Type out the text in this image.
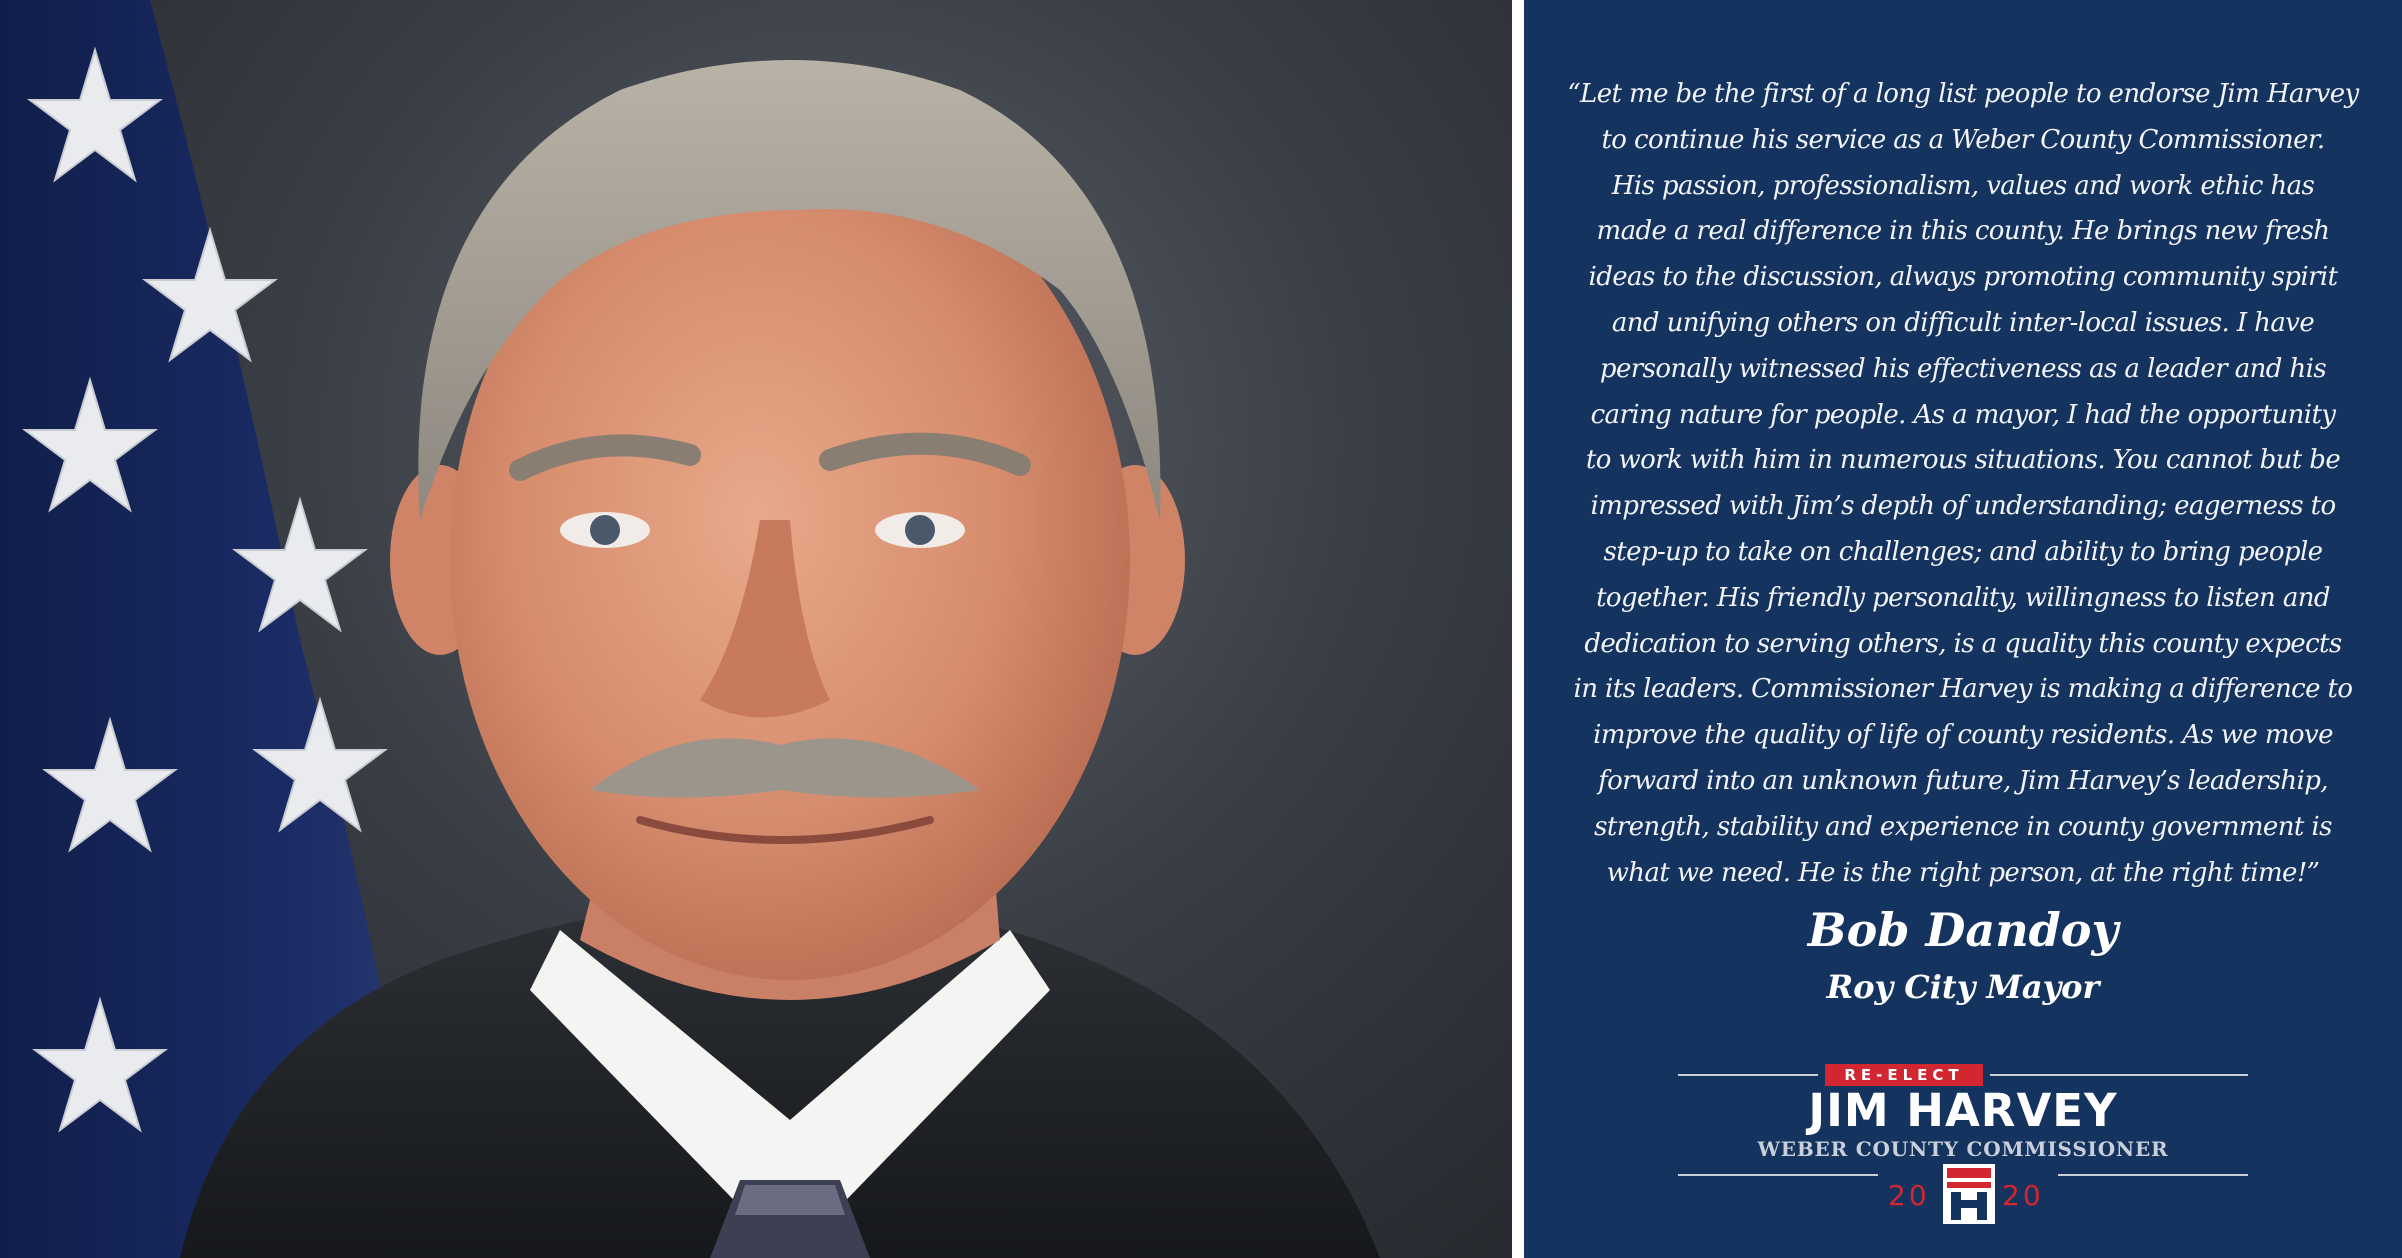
“Let me be the first of a long list people to endorse Jim Harvey
to continue his service as a Weber County Commissioner.
His passion, professionalism, values and work ethic has
made a real difference in this county. He brings new fresh
ideas to the discussion, always promoting community spirit
and unifying others on difficult inter-local issues. I have
personally witnessed his effectiveness as a leader and his
caring nature for people. As a mayor, I had the opportunity
to work with him in numerous situations. You cannot but be
impressed with Jim’s depth of understanding; eagerness to
step-up to take on challenges; and ability to bring people
together. His friendly personality, willingness to listen and
dedication to serving others, is a quality this county expects
in its leaders. Commissioner Harvey is making a difference to
improve the quality of life of county residents. As we move
forward into an unknown future, Jim Harvey’s leadership,
strength, stability and experience in county government is
what we need. He is the right person, at the right time!”
Bob Dandoy
Roy City Mayor
RE-ELECT
JIM HARVEY
WEBER COUNTY COMMISSIONER
20	20
